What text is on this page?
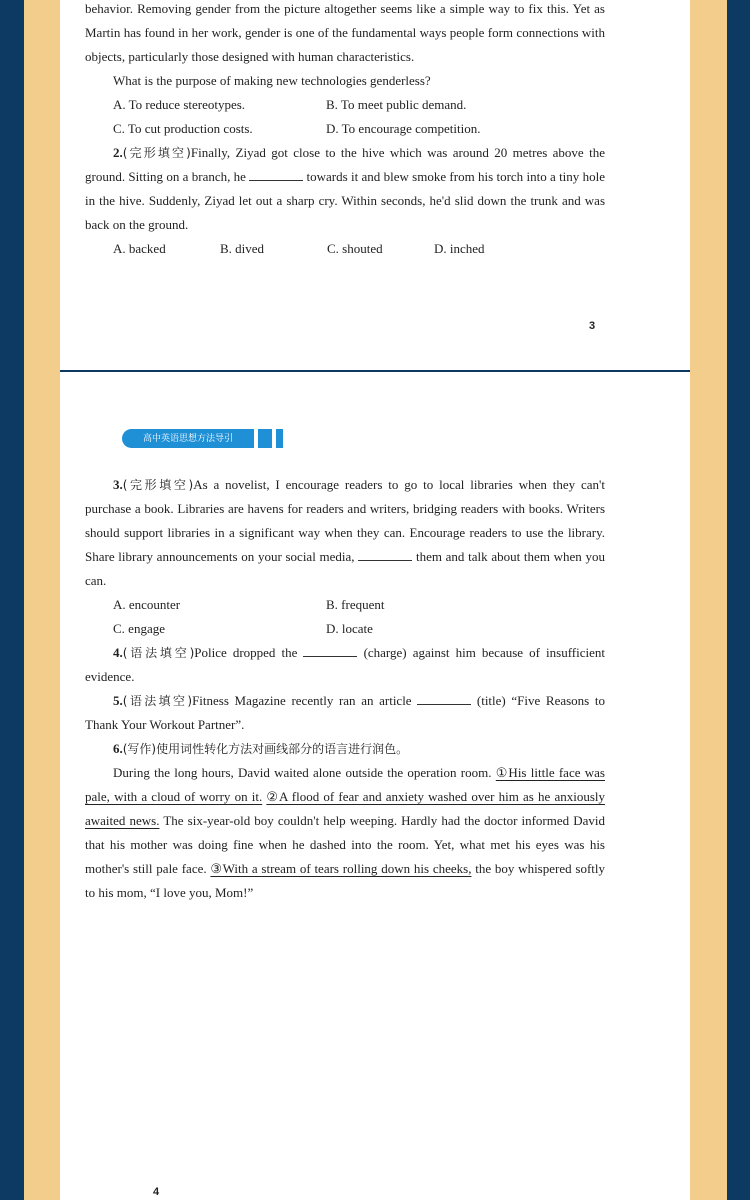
behavior. Removing gender from the picture altogether seems like a simple way to fix this. Yet as Martin has found in her work, gender is one of the fundamental ways people form connections with objects, particularly those designed with human characteristics.

What is the purpose of making new technologies genderless?

A. To reduce stereotypes.	B. To meet public demand.
C. To cut production costs.	D. To encourage competition.

2.(完形填空)Finally, Ziyad got close to the hive which was around 20 metres above the ground. Sitting on a branch, he	towards it and blew smoke from his torch into a tiny hole in the hive. Suddenly, Ziyad let out a sharp cry. Within seconds, he'd slid down the trunk and was back on the ground.

A. backed	B. dived	C. shouted	D. inched
3
高中英语思想方法导引

3.(完形填空)As a novelist, I encourage readers to go to local libraries when they can't purchase a book. Libraries are havens for readers and writers, bridging readers with books. Writers should support libraries in a significant way when they can. Encourage readers to use the library. Share library announcements on your social media,	them and talk about them when you can.

A. encounter	B. frequent
C. engage	D. locate

4.(语法填空)Police dropped the	(charge) against him because of insufficient evidence.

5.(语法填空)Fitness Magazine recently ran an article	(title) “Five Reasons to Thank Your Workout Partner”.

6.(写作)使用词性转化方法对画线部分的语言进行润色。

During the long hours, David waited alone outside the operation room. ①His little face was pale, with a cloud of worry on it. ②A flood of fear and anxiety washed over him as he anxiously awaited news. The six-year-old boy couldn't help weeping. Hardly had the doctor informed David that his mother was doing fine when he dashed into the room. Yet, what met his eyes was his mother's still pale face. ③With a stream of tears rolling down his cheeks, the boy whispered softly to his mom, “I love you, Mom!”

4
